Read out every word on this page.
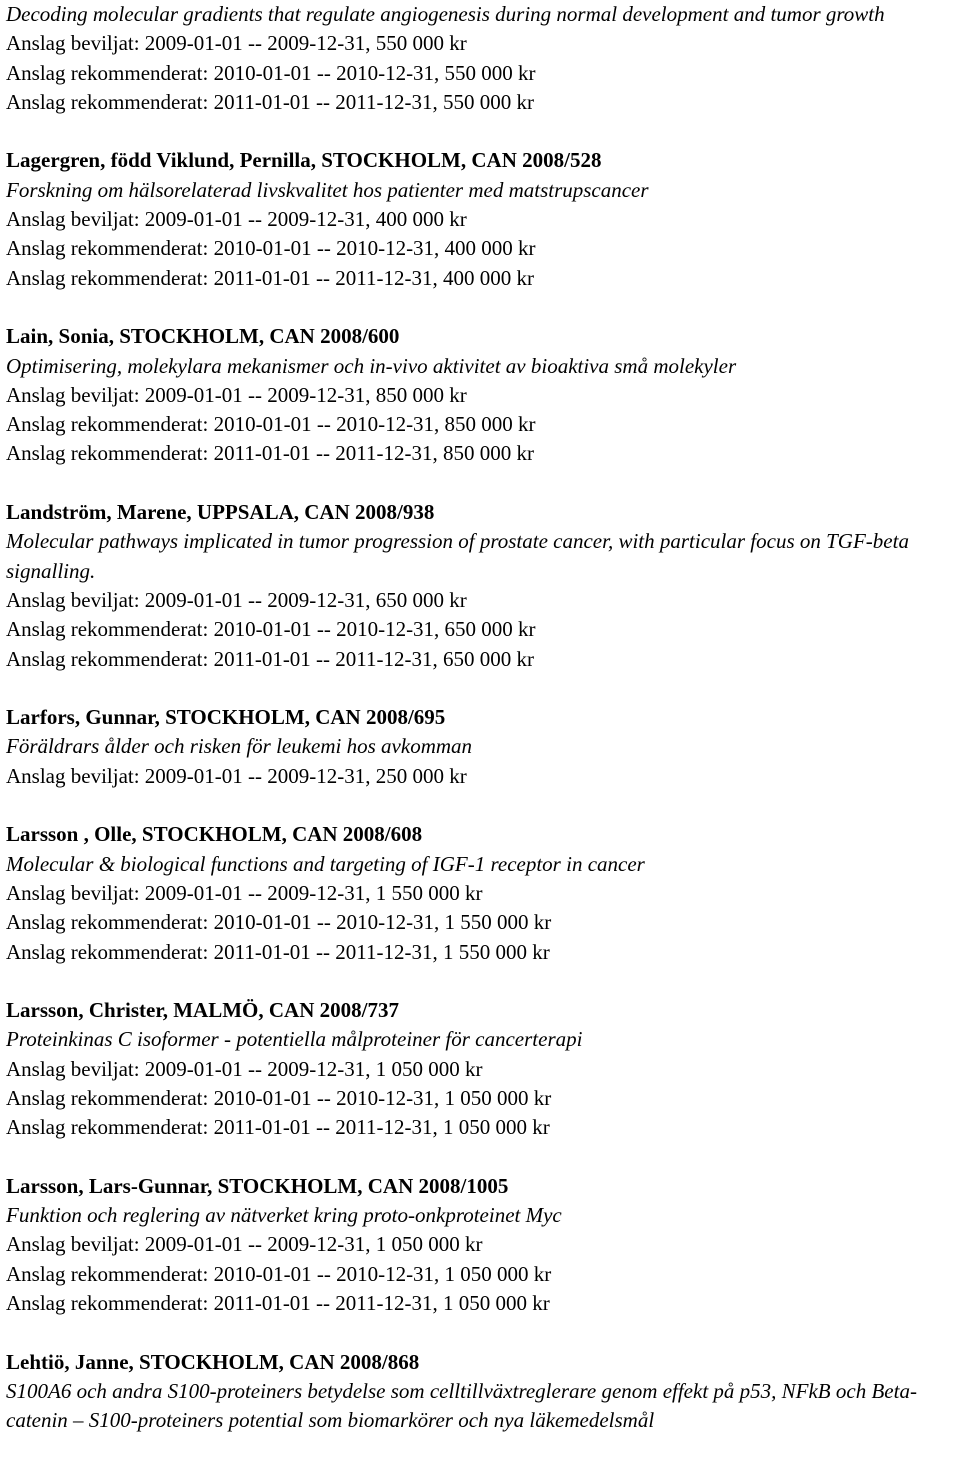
Decoding molecular gradients that regulate angiogenesis during normal development and tumor growth
Anslag beviljat: 2009-01-01 -- 2009-12-31, 550 000 kr
Anslag rekommenderat: 2010-01-01 -- 2010-12-31, 550 000 kr
Anslag rekommenderat: 2011-01-01 -- 2011-12-31, 550 000 kr
Lagergren, född Viklund, Pernilla, STOCKHOLM, CAN 2008/528
Forskning om hälsorelaterad livskvalitet hos patienter med matstrupscancer
Anslag beviljat: 2009-01-01 -- 2009-12-31, 400 000 kr
Anslag rekommenderat: 2010-01-01 -- 2010-12-31, 400 000 kr
Anslag rekommenderat: 2011-01-01 -- 2011-12-31, 400 000 kr
Lain, Sonia, STOCKHOLM, CAN 2008/600
Optimisering, molekylara mekanismer och in-vivo aktivitet av bioaktiva små molekyler
Anslag beviljat: 2009-01-01 -- 2009-12-31, 850 000 kr
Anslag rekommenderat: 2010-01-01 -- 2010-12-31, 850 000 kr
Anslag rekommenderat: 2011-01-01 -- 2011-12-31, 850 000 kr
Landström, Marene, UPPSALA, CAN 2008/938
Molecular pathways implicated in tumor progression of prostate cancer, with particular focus on TGF-beta signalling.
Anslag beviljat: 2009-01-01 -- 2009-12-31, 650 000 kr
Anslag rekommenderat: 2010-01-01 -- 2010-12-31, 650 000 kr
Anslag rekommenderat: 2011-01-01 -- 2011-12-31, 650 000 kr
Larfors, Gunnar, STOCKHOLM, CAN 2008/695
Föräldrars ålder och risken för leukemi hos avkomman
Anslag beviljat: 2009-01-01 -- 2009-12-31, 250 000 kr
Larsson , Olle, STOCKHOLM, CAN 2008/608
Molecular & biological functions and targeting of IGF-1 receptor in cancer
Anslag beviljat: 2009-01-01 -- 2009-12-31, 1 550 000 kr
Anslag rekommenderat: 2010-01-01 -- 2010-12-31, 1 550 000 kr
Anslag rekommenderat: 2011-01-01 -- 2011-12-31, 1 550 000 kr
Larsson, Christer, MALMÖ, CAN 2008/737
Proteinkinas C isoformer - potentiella målproteiner för cancerterapi
Anslag beviljat: 2009-01-01 -- 2009-12-31, 1 050 000 kr
Anslag rekommenderat: 2010-01-01 -- 2010-12-31, 1 050 000 kr
Anslag rekommenderat: 2011-01-01 -- 2011-12-31, 1 050 000 kr
Larsson, Lars-Gunnar, STOCKHOLM, CAN 2008/1005
Funktion och reglering av nätverket kring proto-onkproteinet Myc
Anslag beviljat: 2009-01-01 -- 2009-12-31, 1 050 000 kr
Anslag rekommenderat: 2010-01-01 -- 2010-12-31, 1 050 000 kr
Anslag rekommenderat: 2011-01-01 -- 2011-12-31, 1 050 000 kr
Lehtiö, Janne, STOCKHOLM, CAN 2008/868
S100A6 och andra S100-proteiners betydelse som celltillväxtreglerare genom effekt på p53, NFkB och Beta-catenin – S100-proteiners potential som biomarkörer och nya läkemedelsmål
